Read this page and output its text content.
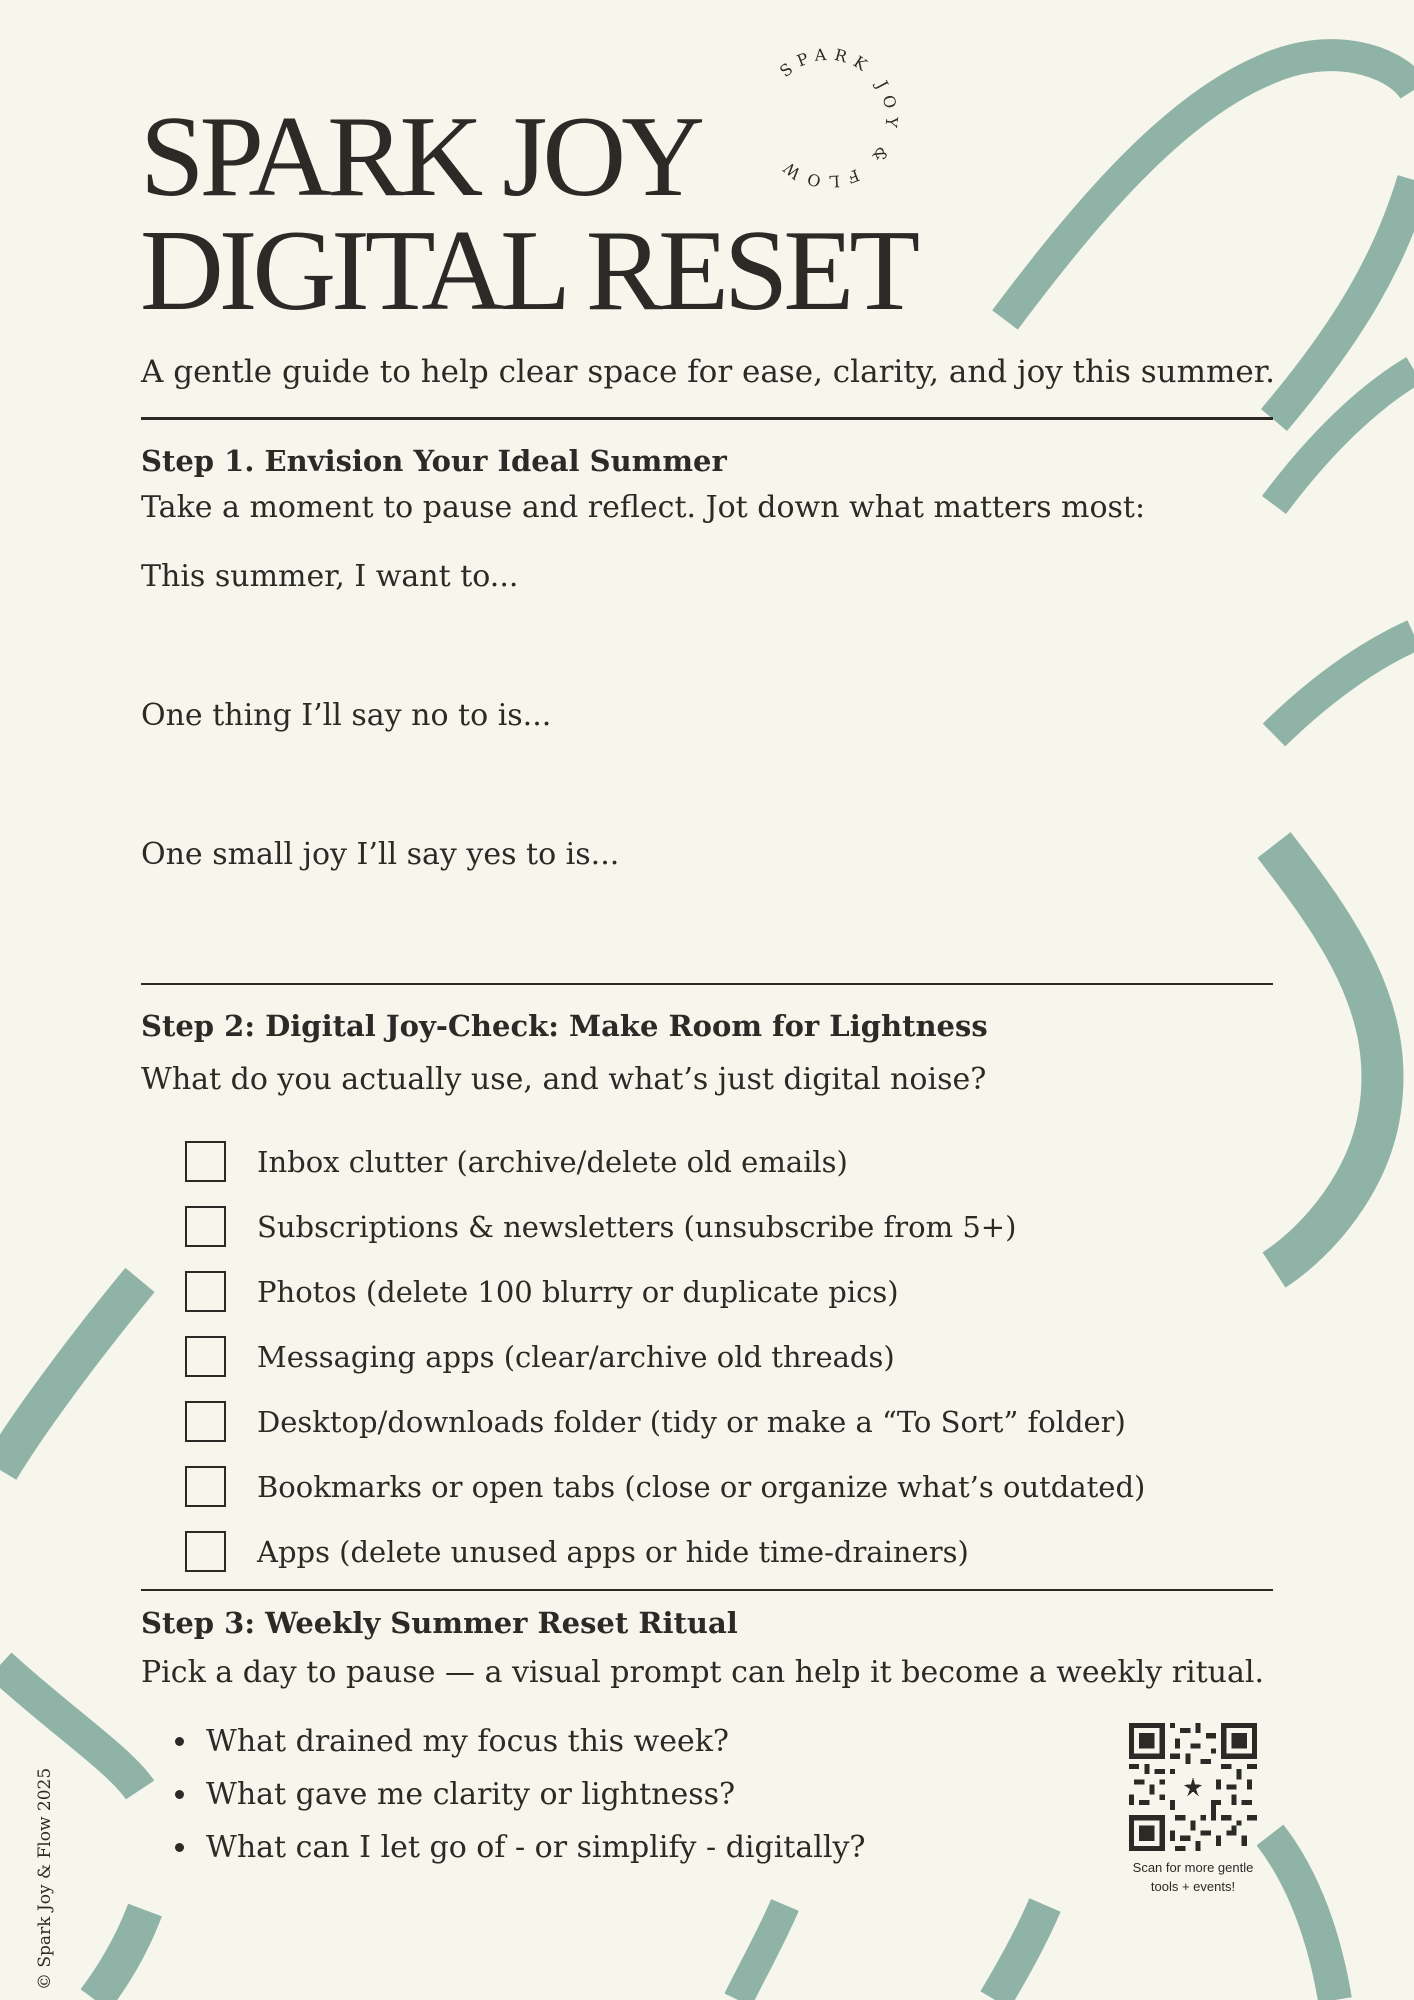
SPARK JOY & FLOW
SPARK JOY
DIGITAL RESET

A gentle guide to help clear space for ease, clarity, and joy this summer.

Step 1. Envision Your Ideal Summer

Take a moment to pause and reflect. Jot down what matters most:

This summer, I want to...

One thing I’ll say no to is...

One small joy I’ll say yes to is...

Step 2: Digital Joy-Check: Make Room for Lightness

What do you actually use, and what’s just digital noise?

Inbox clutter (archive/delete old emails)
Subscriptions & newsletters (unsubscribe from 5+)
Photos (delete 100 blurry or duplicate pics)
Messaging apps (clear/archive old threads)
Desktop/downloads folder (tidy or make a “To Sort” folder)
Bookmarks or open tabs (close or organize what’s outdated)
Apps (delete unused apps or hide time-drainers)
Step 3: Weekly Summer Reset Ritual

Pick a day to pause — a visual prompt can help it become a weekly ritual.

What drained my focus this week?
What gave me clarity or lightness?
What can I let go of - or simplify - digitally?
Scan for more gentle
tools + events!
© Spark Joy & Flow 2025
